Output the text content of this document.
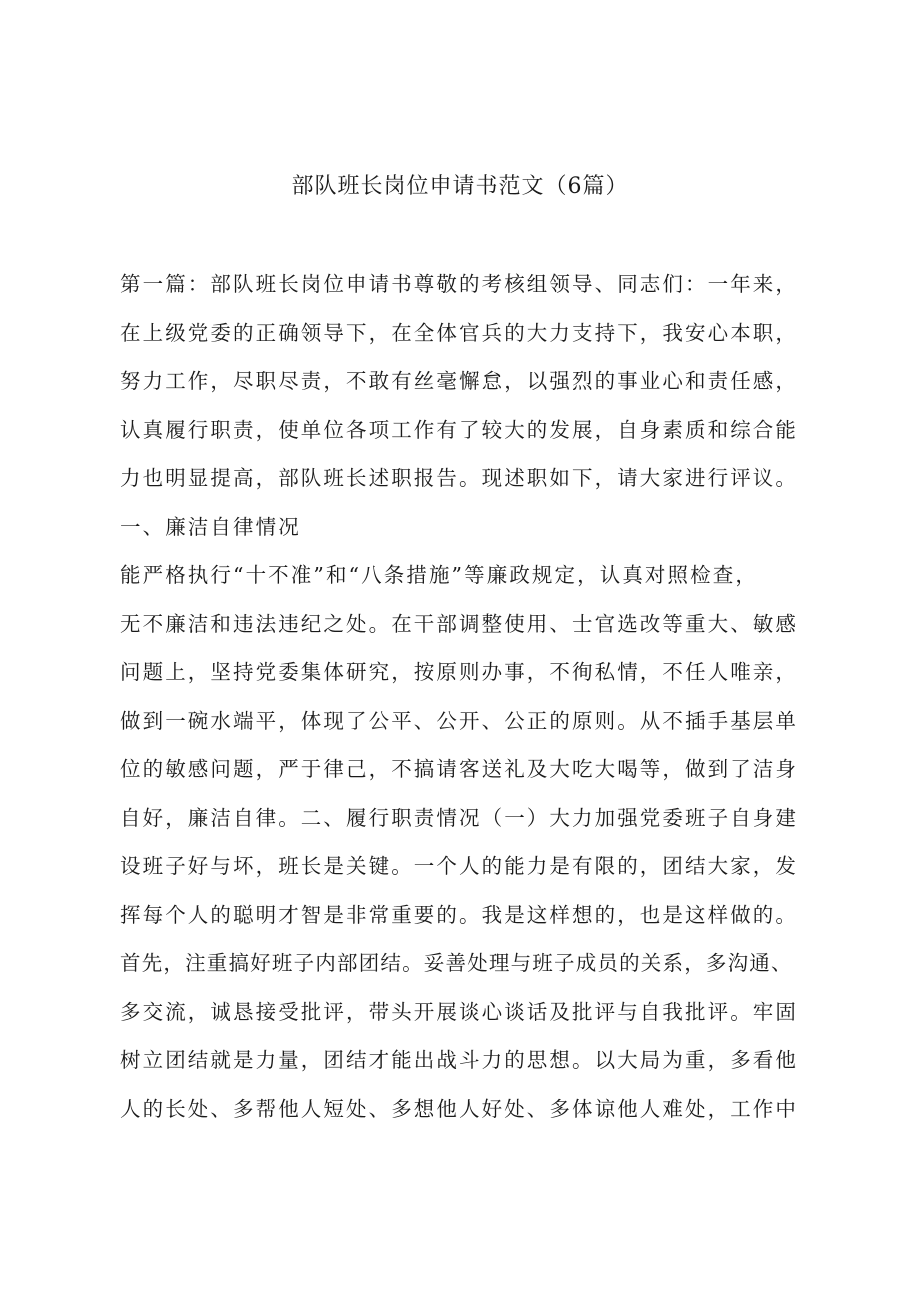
部队班长岗位申请书范文（6篇）
第一篇：部队班长岗位申请书尊敬的考核组领导、同志们：一年来，
在上级党委的正确领导下，在全体官兵的大力支持下，我安心本职，
努力工作，尽职尽责，不敢有丝毫懈怠，以强烈的事业心和责任感，
认真履行职责，使单位各项工作有了较大的发展，自身素质和综合能
力也明显提高，部队班长述职报告。现述职如下，请大家进行评议。
一、廉洁自律情况
能严格执行“十不准”和“八条措施”等廉政规定，认真对照检查，
无不廉洁和违法违纪之处。在干部调整使用、士官选改等重大、敏感
问题上，坚持党委集体研究，按原则办事，不徇私情，不任人唯亲，
做到一碗水端平，体现了公平、公开、公正的原则。从不插手基层单
位的敏感问题，严于律己，不搞请客送礼及大吃大喝等，做到了洁身
自好，廉洁自律。二、履行职责情况（一）大力加强党委班子自身建
设班子好与坏，班长是关键。一个人的能力是有限的，团结大家，发
挥每个人的聪明才智是非常重要的。我是这样想的，也是这样做的。
首先，注重搞好班子内部团结。妥善处理与班子成员的关系，多沟通、
多交流，诚恳接受批评，带头开展谈心谈话及批评与自我批评。牢固
树立团结就是力量，团结才能出战斗力的思想。以大局为重，多看他
人的长处、多帮他人短处、多想他人好处、多体谅他人难处，工作中
